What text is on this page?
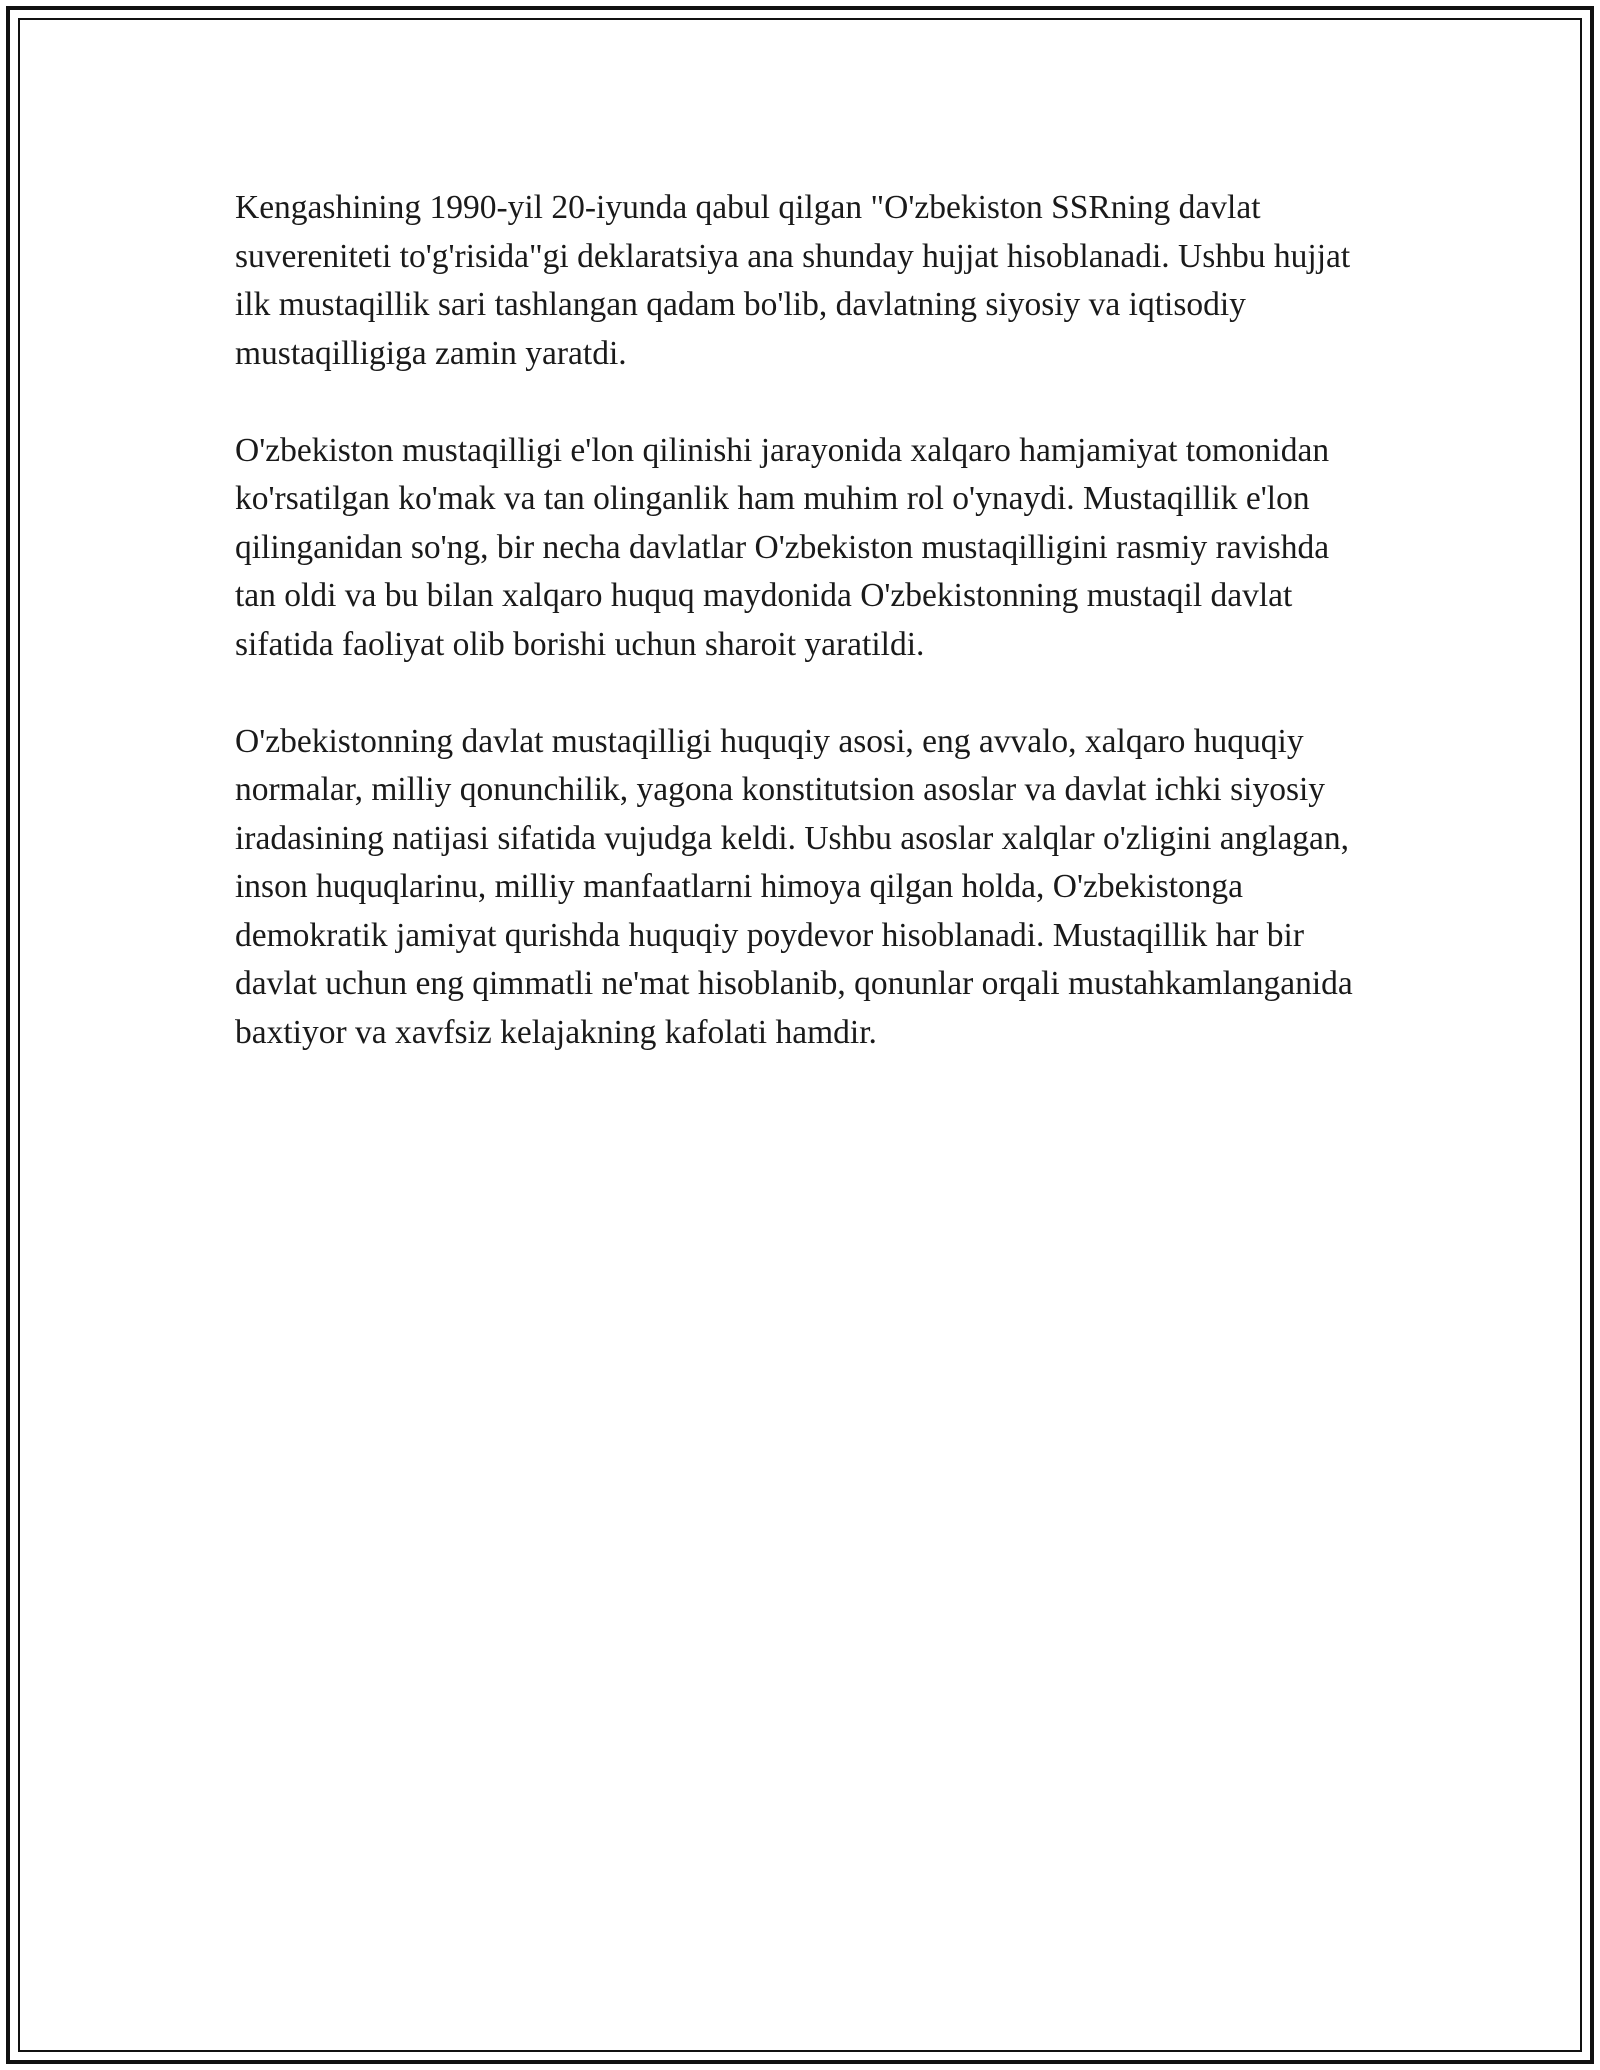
Kengashining 1990-yil 20-iyunda qabul qilgan "O'zbekiston SSRning davlat suvereniteti to'g'risida"gi deklaratsiya ana shunday hujjat hisoblanadi. Ushbu hujjat ilk mustaqillik sari tashlangan qadam bo'lib, davlatning siyosiy va iqtisodiy mustaqilligiga zamin yaratdi.

O'zbekiston mustaqilligi e'lon qilinishi jarayonida xalqaro hamjamiyat tomonidan ko'rsatilgan ko'mak va tan olinganlik ham muhim rol o'ynaydi. Mustaqillik e'lon qilinganidan so'ng, bir necha davlatlar O'zbekiston mustaqilligini rasmiy ravishda tan oldi va bu bilan xalqaro huquq maydonida O'zbekistonning mustaqil davlat sifatida faoliyat olib borishi uchun sharoit yaratildi.

O'zbekistonning davlat mustaqilligi huquqiy asosi, eng avvalo, xalqaro huquqiy normalar, milliy qonunchilik, yagona konstitutsion asoslar va davlat ichki siyosiy iradasining natijasi sifatida vujudga keldi. Ushbu asoslar xalqlar o'zligini anglagan, inson huquqlarinu, milliy manfaatlarni himoya qilgan holda, O'zbekistonga demokratik jamiyat qurishda huquqiy poydevor hisoblanadi. Mustaqillik har bir davlat uchun eng qimmatli ne'mat hisoblanib, qonunlar orqali mustahkamlanganida baxtiyor va xavfsiz kelajakning kafolati hamdir.
